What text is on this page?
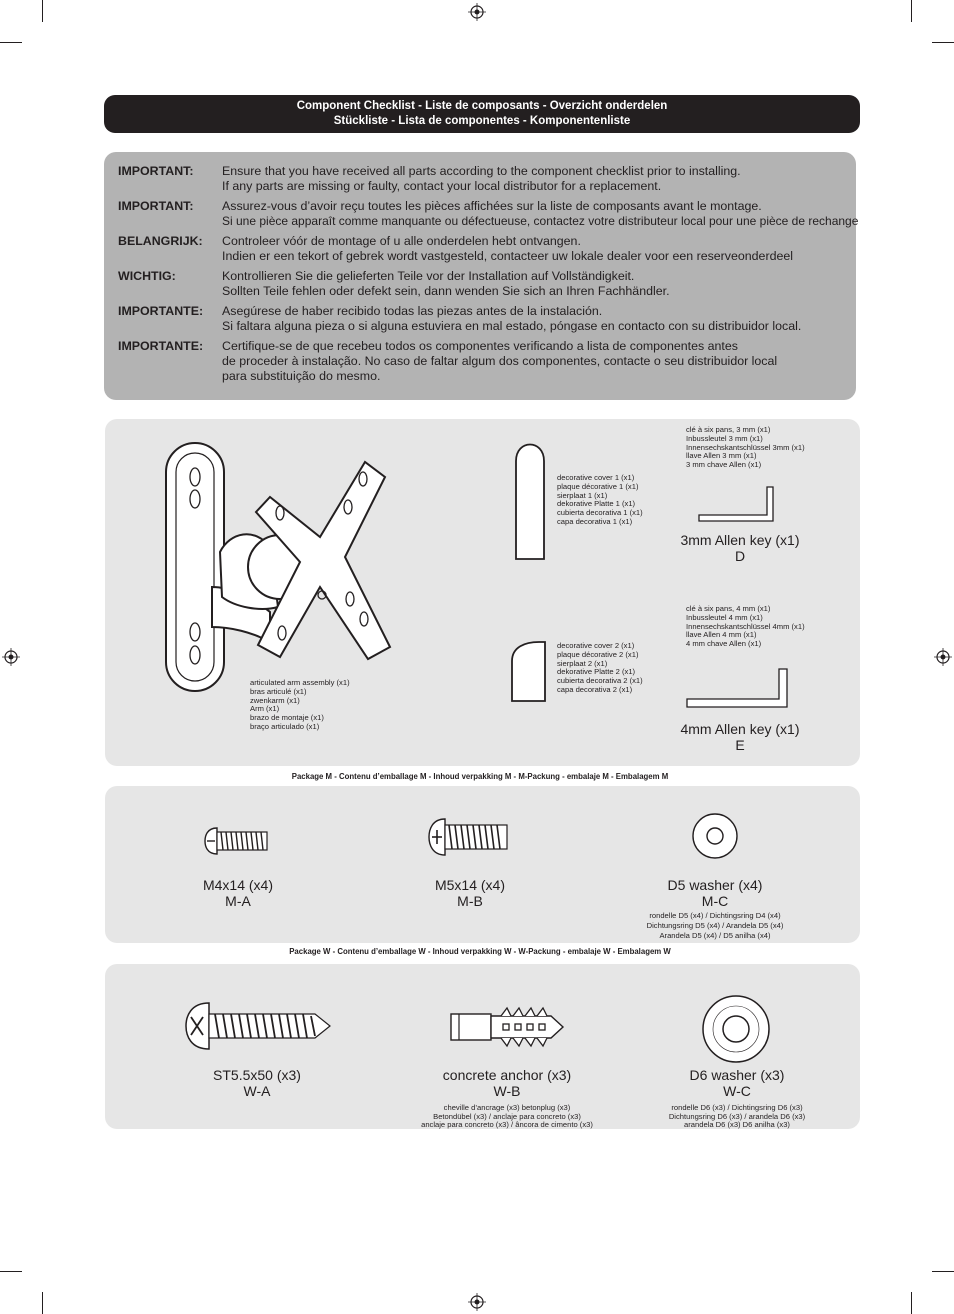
Component Checklist - Liste de composants - Overzicht onderdelen
Stückliste - Lista de componentes - Komponentenliste
IMPORTANT:	Ensure that you have received all parts according to the component checklist prior to installing.
If any parts are missing or faulty, contact your local distributor for a replacement.
IMPORTANT:	Assurez-vous d’avoir reçu toutes les pièces affichées sur la liste de composants avant le montage.
Si une pièce apparaît comme manquante ou défectueuse, contactez votre distributeur local pour une pièce de rechange
BELANGRIJK:	Controleer vóór de montage of u alle onderdelen hebt ontvangen.
Indien er een tekort of gebrek wordt vastgesteld, contacteer uw lokale dealer voor een reserveonderdeel
WICHTIG:	Kontrollieren Sie die gelieferten Teile vor der Installation auf Vollständigkeit.
Sollten Teile fehlen oder defekt sein, dann wenden Sie sich an Ihren Fachhändler.
IMPORTANTE:	Asegúrese de haber recibido todas las piezas antes de la instalación.
Si faltara alguna pieza o si alguna estuviera en mal estado, póngase en contacto con su distribuidor local.
IMPORTANTE:	Certifique-se de que recebeu todos os componentes verificando a lista de componentes antes
de proceder à instalação. No caso de faltar algum dos componentes, contacte o seu distribuidor local
para substituição do mesmo.
articulated arm assembly (x1)
bras articulé (x1)
zwenkarm (x1)
Arm (x1)
brazo de montaje (x1)
braço articulado (x1)
decorative cover 1 (x1)
plaque décorative 1 (x1)
sierplaat 1 (x1)
dekorative Platte 1 (x1)
cubierta decorativa 1 (x1)
capa decorativa 1 (x1)
decorative cover 2 (x1)
plaque décorative 2 (x1)
sierplaat 2 (x1)
dekorative Platte 2 (x1)
cubierta decorativa 2 (x1)
capa decorativa 2 (x1)
clé à six pans, 3 mm (x1)
Inbussleutel 3 mm (x1)
Innensechskantschlüssel 3mm (x1)
llave Allen 3 mm (x1)
3 mm chave Allen (x1)
3mm Allen key (x1)
D
clé à six pans, 4 mm (x1)
Inbussleutel 4 mm (x1)
Innensechskantschlüssel 4mm (x1)
llave Allen 4 mm (x1)
4 mm chave Allen (x1)
4mm Allen key (x1)
E
Package M - Contenu d’emballage M - Inhoud verpakking M - M-Packung - embalaje M - Embalagem M
M4x14 (x4)
M-A
M5x14 (x4)
M-B
D5 washer (x4)
M-C
rondelle D5 (x4) / Dichtingsring D4 (x4)
Dichtungsring D5 (x4) / Arandela D5 (x4)
Arandela D5 (x4) / D5 anilha (x4)
Package W - Contenu d’emballage W - Inhoud verpakking W - W-Packung - embalaje W - Embalagem W
ST5.5x50 (x3)
W-A
concrete anchor (x3)
W-B
cheville d’ancrage (x3) betonplug (x3)
Betondübel (x3) / anclaje para concreto (x3)
anclaje para concreto (x3) / âncora de cimento (x3)
D6 washer (x3)
W-C
rondelle D6 (x3) / Dichtingsring D6 (x3)
Dichtungsring D6 (x3) / arandela D6 (x3)
arandela D6 (x3) D6 anilha (x3)
